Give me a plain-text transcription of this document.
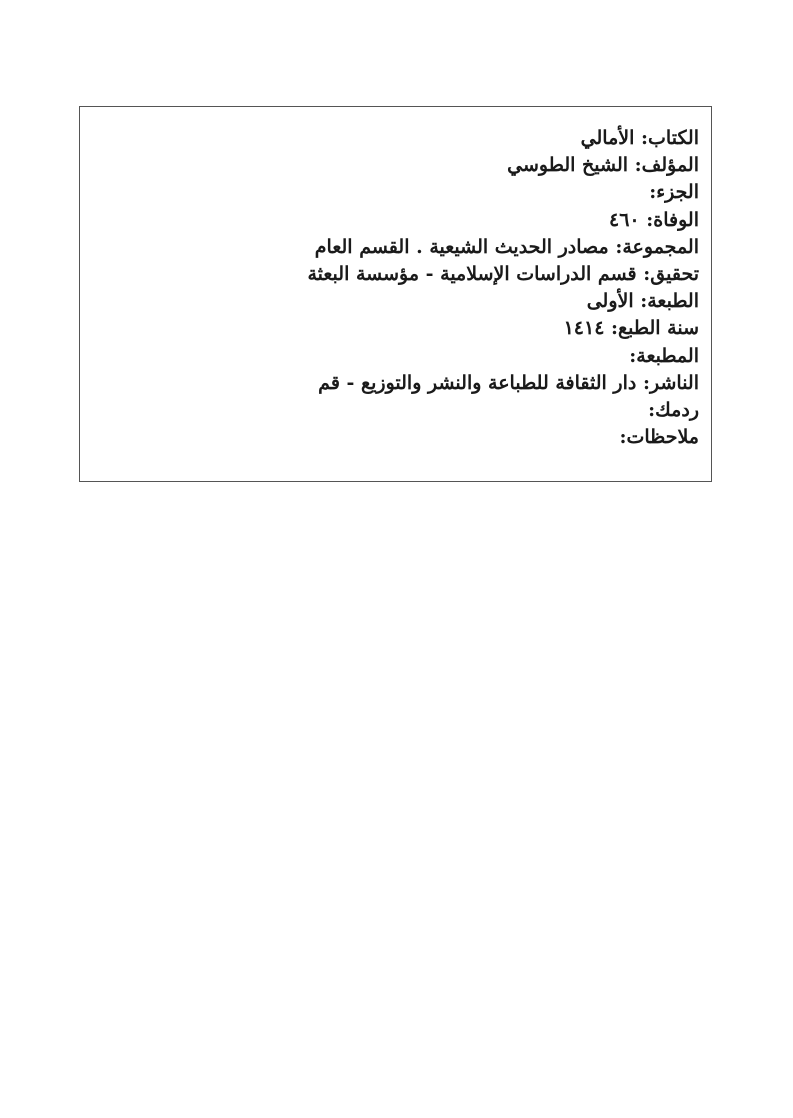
الكتاب: الأمالي
المؤلف: الشيخ الطوسي
الجزء:
الوفاة: ٤٦٠
المجموعة: مصادر الحديث الشيعية . القسم العام
تحقيق: قسم الدراسات الإسلامية - مؤسسة البعثة
الطبعة: الأولى
سنة الطبع: ١٤١٤
المطبعة:
الناشر: دار الثقافة للطباعة والنشر والتوزيع - قم
ردمك:
ملاحظات:
